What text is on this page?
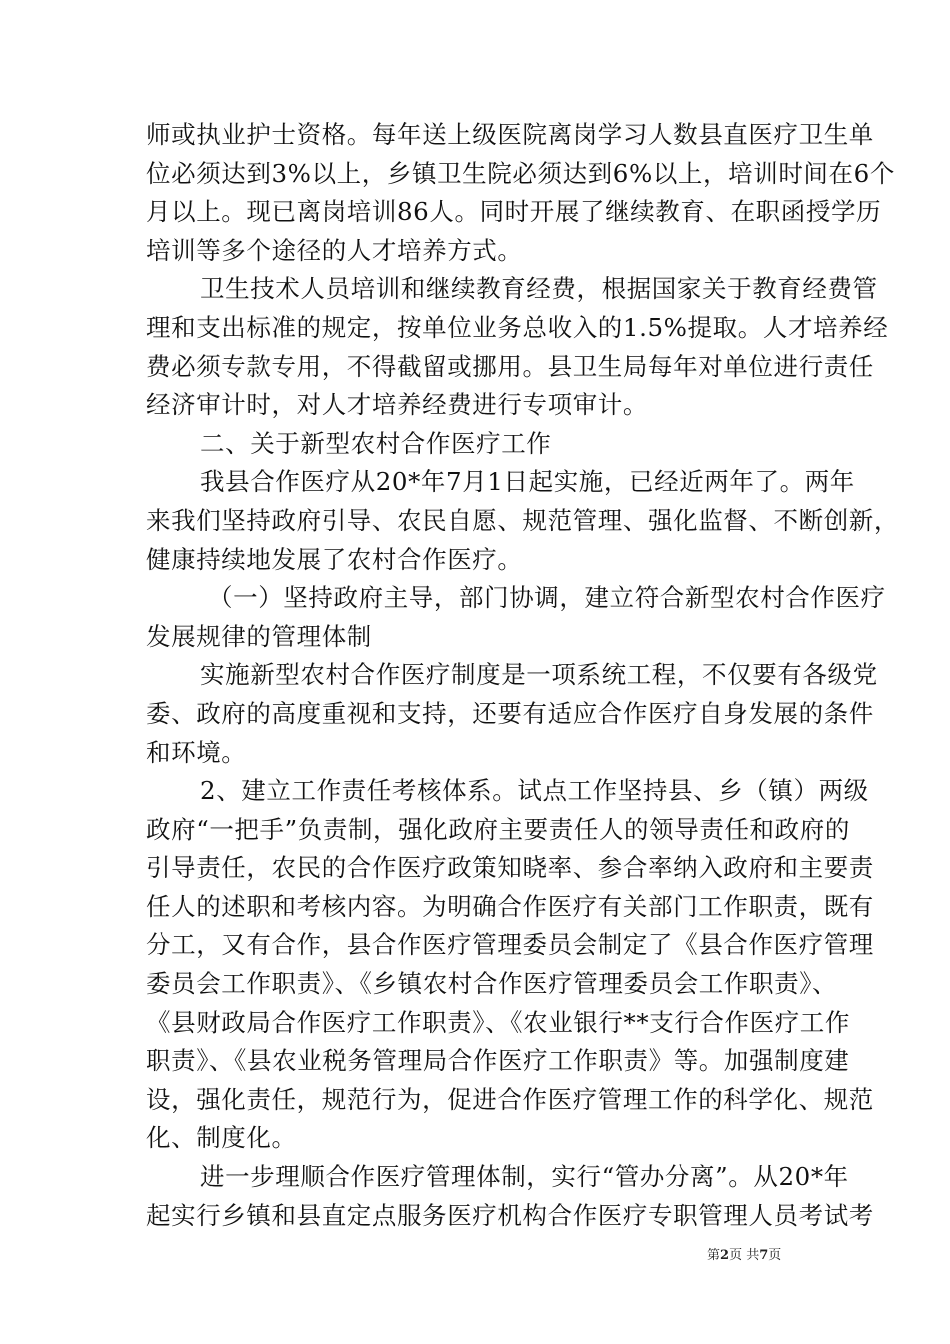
师或执业护士资格。每年送上级医院离岗学习人数县直医疗卫生单
位必须达到3%以上，乡镇卫生院必须达到6%以上，培训时间在6个
月以上。现已离岗培训86人。同时开展了继续教育、在职函授学历
培训等多个途径的人才培养方式。
卫生技术人员培训和继续教育经费，根据国家关于教育经费管
理和支出标准的规定，按单位业务总收入的1.5%提取。人才培养经
费必须专款专用，不得截留或挪用。县卫生局每年对单位进行责任
经济审计时，对人才培养经费进行专项审计。
二、关于新型农村合作医疗工作
我县合作医疗从20*年7月1日起实施，已经近两年了。两年
来我们坚持政府引导、农民自愿、规范管理、强化监督、不断创新，
健康持续地发展了农村合作医疗。
（一）坚持政府主导，部门协调，建立符合新型农村合作医疗
发展规律的管理体制
实施新型农村合作医疗制度是一项系统工程，不仅要有各级党
委、政府的高度重视和支持，还要有适应合作医疗自身发展的条件
和环境。
2、建立工作责任考核体系。试点工作坚持县、乡（镇）两级
政府“一把手”负责制，强化政府主要责任人的领导责任和政府的
引导责任，农民的合作医疗政策知晓率、参合率纳入政府和主要责
任人的述职和考核内容。为明确合作医疗有关部门工作职责，既有
分工，又有合作，县合作医疗管理委员会制定了《县合作医疗管理
委员会工作职责》、《乡镇农村合作医疗管理委员会工作职责》、
《县财政局合作医疗工作职责》、《农业银行**支行合作医疗工作
职责》、《县农业税务管理局合作医疗工作职责》等。加强制度建
设，强化责任，规范行为，促进合作医疗管理工作的科学化、规范
化、制度化。
进一步理顺合作医疗管理体制，实行“管办分离”。从20*年
起实行乡镇和县直定点服务医疗机构合作医疗专职管理人员考试考
第2页 共7页
